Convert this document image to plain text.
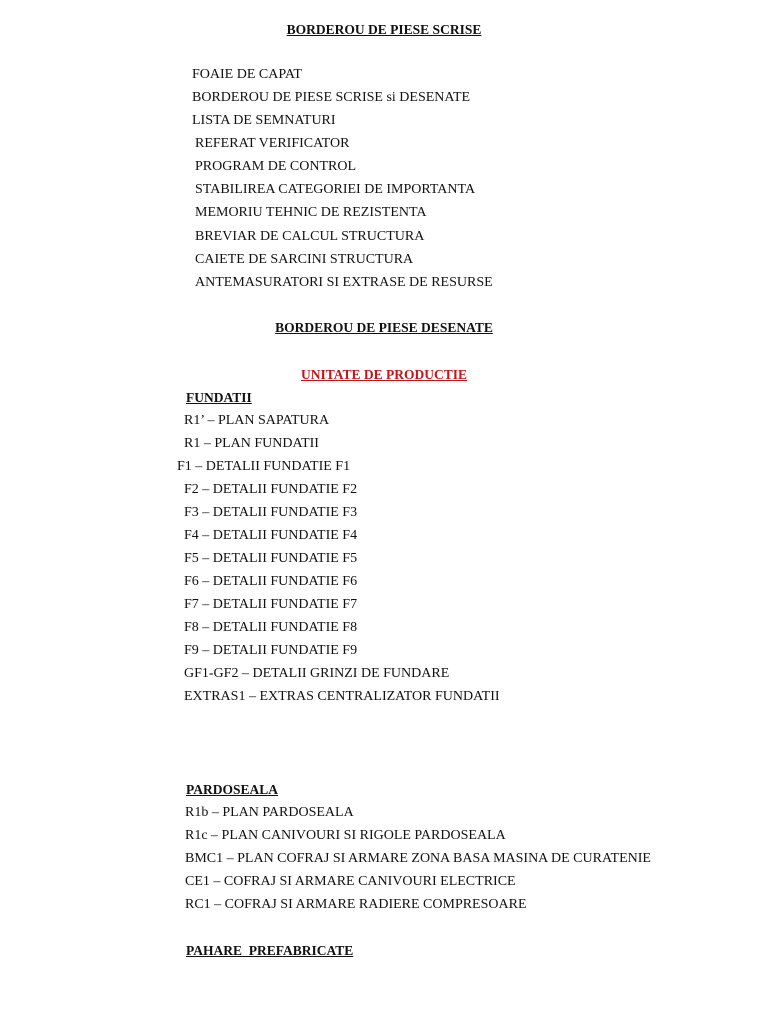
BORDEROU DE PIESE SCRISE
FOAIE DE CAPAT
BORDEROU DE PIESE SCRISE si DESENATE
LISTA DE SEMNATURI
REFERAT VERIFICATOR
PROGRAM DE CONTROL
STABILIREA CATEGORIEI DE IMPORTANTA
MEMORIU TEHNIC DE REZISTENTA
BREVIAR DE CALCUL STRUCTURA
CAIETE DE SARCINI STRUCTURA
ANTEMASURATORI SI EXTRASE DE RESURSE
BORDEROU DE PIESE DESENATE
UNITATE DE PRODUCTIE
FUNDATII
R1’ – PLAN SAPATURA
R1 – PLAN FUNDATII
F1 – DETALII FUNDATIE F1
F2 – DETALII FUNDATIE F2
F3 – DETALII FUNDATIE F3
F4 – DETALII FUNDATIE F4
F5 – DETALII FUNDATIE F5
F6 – DETALII FUNDATIE F6
F7 – DETALII FUNDATIE F7
F8 – DETALII FUNDATIE F8
F9 – DETALII FUNDATIE F9
GF1-GF2 – DETALII GRINZI DE FUNDARE
EXTRAS1 – EXTRAS CENTRALIZATOR FUNDATII
PARDOSEALA
R1b – PLAN PARDOSEALA
R1c – PLAN CANIVOURI SI RIGOLE PARDOSEALA
BMC1 – PLAN COFRAJ SI ARMARE ZONA BASA MASINA DE CURATENIE
CE1 – COFRAJ SI ARMARE CANIVOURI ELECTRICE
RC1 – COFRAJ SI ARMARE RADIERE COMPRESOARE
PAHARE  PREFABRICATE
